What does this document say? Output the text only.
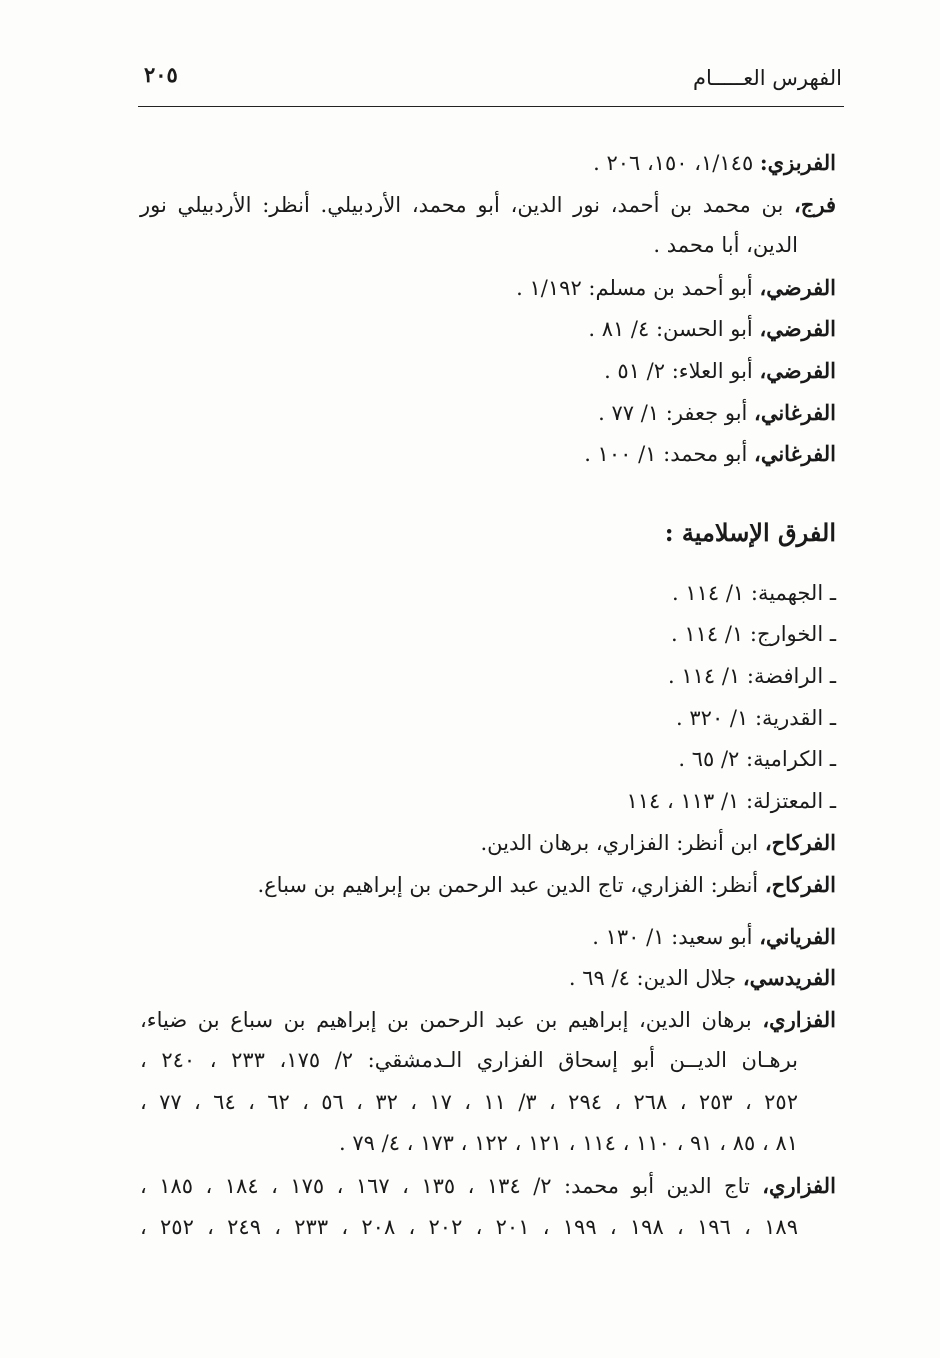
الفهرس العـــــام
٢٠٥
الفربزي: ١/١٤٥، ١٥٠، ٢٠٦ .
فرج، بن محمد بن أحمد، نور الدين، أبو محمد، الأردبيلي. أنظر: الأردبيلي نور
الدين، أبا محمد .
الفرضي، أبو أحمد بن مسلم: ١/١٩٢ .
الفرضي، أبو الحسن: ٤/ ٨١ .
الفرضي، أبو العلاء: ٢/ ٥١ .
الفرغاني، أبو جعفر: ١/ ٧٧ .
الفرغاني، أبو محمد: ١/ ١٠٠ .
الفرق الإسلامية :
ـ الجهمية: ١/ ١١٤ .
ـ الخوارج: ١/ ١١٤ .
ـ الرافضة: ١/ ١١٤ .
ـ القدرية: ١/ ٣٢٠ .
ـ الكرامية: ٢/ ٦٥ .
ـ المعتزلة: ١/ ١١٣ ، ١١٤
الفركاح، ابن أنظر: الفزاري، برهان الدين.
الفركاح، أنظر: الفزاري، تاج الدين عبد الرحمن بن إبراهيم بن سباع.
الفرياني، أبو سعيد: ١/ ١٣٠ .
الفريدسي، جلال الدين: ٤/ ٦٩ .
الفزاري، برهان الدين، إبراهيم بن عبد الرحمن بن إبراهيم بن سباع بن ضياء،
برهـان الديــن أبو إسحاق الفزاري الـدمشقي: ٢/ ١٧٥، ٢٣٣ ، ٢٤٠ ،
٢٥٢ ، ٢٥٣ ، ٢٦٨ ، ٢٩٤ ، ٣/ ١١ ، ١٧ ، ٣٢ ، ٥٦ ، ٦٢ ، ٦٤ ، ٧٧ ،
٨١ ، ٨٥ ، ٩١ ، ١١٠ ، ١١٤ ، ١٢١ ، ١٢٢ ، ١٧٣ ، ٤/ ٧٩ .
الفزاري، تاج الدين أبو محمد: ٢/ ١٣٤ ، ١٣٥ ، ١٦٧ ، ١٧٥ ، ١٨٤ ، ١٨٥ ،
١٨٩ ، ١٩٦ ، ١٩٨ ، ١٩٩ ، ٢٠١ ، ٢٠٢ ، ٢٠٨ ، ٢٣٣ ، ٢٤٩ ، ٢٥٢ ،
